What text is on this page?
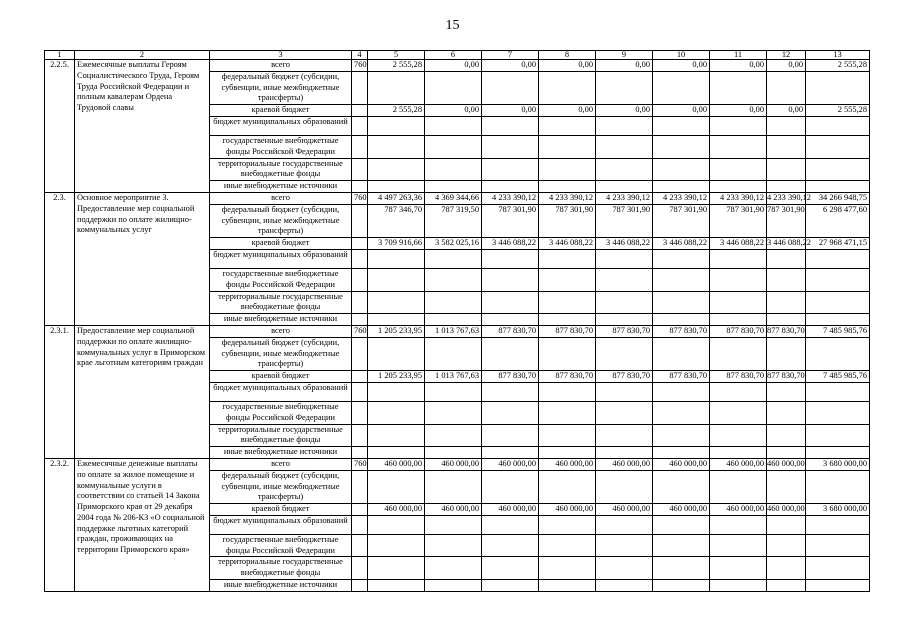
15
1	2	3	4	5	6	7	8	9	10	11	12	13
2.2.5.	Ежемесячные выплаты Героям Социалистического Труда, Героям Труда Российской Федерации и полным кавалерам Ордена Трудовой славы	всего	760	2 555,28	0,00	0,00	0,00	0,00	0,00	0,00	0,00	2 555,28
		федеральный бюджет (субсидии, субвенции, иные межбюджетные трансферты)										
		краевой бюджет		2 555,28	0,00	0,00	0,00	0,00	0,00	0,00	0,00	2 555,28
		бюджет муниципальных образований										
		государственные внебюджетные фонды Российской Федерации										
		территориальные государственные внебюджетные фонды										
		иные внебюджетные источники										
2.3.	Основное мероприятие 3. Предоставление мер социальной поддержки по оплате жилищно-коммунальных услуг	всего	760	4 497 263,36	4 369 344,66	4 233 390,12	4 233 390,12	4 233 390,12	4 233 390,12	4 233 390,12	4 233 390,12	34 266 948,75
		федеральный бюджет (субсидии, субвенции, иные межбюджетные трансферты)		787 346,70	787 319,50	787 301,90	787 301,90	787 301,90	787 301,90	787 301,90	787 301,90	6 298 477,60
		краевой бюджет		3 709 916,66	3 582 025,16	3 446 088,22	3 446 088,22	3 446 088,22	3 446 088,22	3 446 088,22	3 446 088,22	27 968 471,15
		бюджет муниципальных образований										
		государственные внебюджетные фонды Российской Федерации										
		территориальные государственные внебюджетные фонды										
		иные внебюджетные источники										
2.3.1.	Предоставление мер социальной поддержки по оплате жилищно-коммунальных услуг в Приморском крае льготным категориям граждан	всего	760	1 205 233,95	1 013 767,63	877 830,70	877 830,70	877 830,70	877 830,70	877 830,70	877 830,70	7 485 985,76
		федеральный бюджет (субсидии, субвенции, иные межбюджетные трансферты)										
		краевой бюджет		1 205 233,95	1 013 767,63	877 830,70	877 830,70	877 830,70	877 830,70	877 830,70	877 830,70	7 485 985,76
		бюджет муниципальных образований										
		государственные внебюджетные фонды Российской Федерации										
		территориальные государственные внебюджетные фонды										
		иные внебюджетные источники										
2.3.2.	Ежемесячные денежные выплаты по оплате за жилое помещение и коммунальные услуги в соответствии со статьей 14 Закона Приморского края от 29 декабря 2004 года № 206-КЗ «О социальной поддержке льготных категорий граждан, проживающих на территории Приморского края»	всего	760	460 000,00	460 000,00	460 000,00	460 000,00	460 000,00	460 000,00	460 000,00	460 000,00	3 680 000,00
		федеральный бюджет (субсидии, субвенции, иные межбюджетные трансферты)										
		краевой бюджет		460 000,00	460 000,00	460 000,00	460 000,00	460 000,00	460 000,00	460 000,00	460 000,00	3 680 000,00
		бюджет муниципальных образований										
		государственные внебюджетные фонды Российской Федерации										
		территориальные государственные внебюджетные фонды										
		иные внебюджетные источники										
